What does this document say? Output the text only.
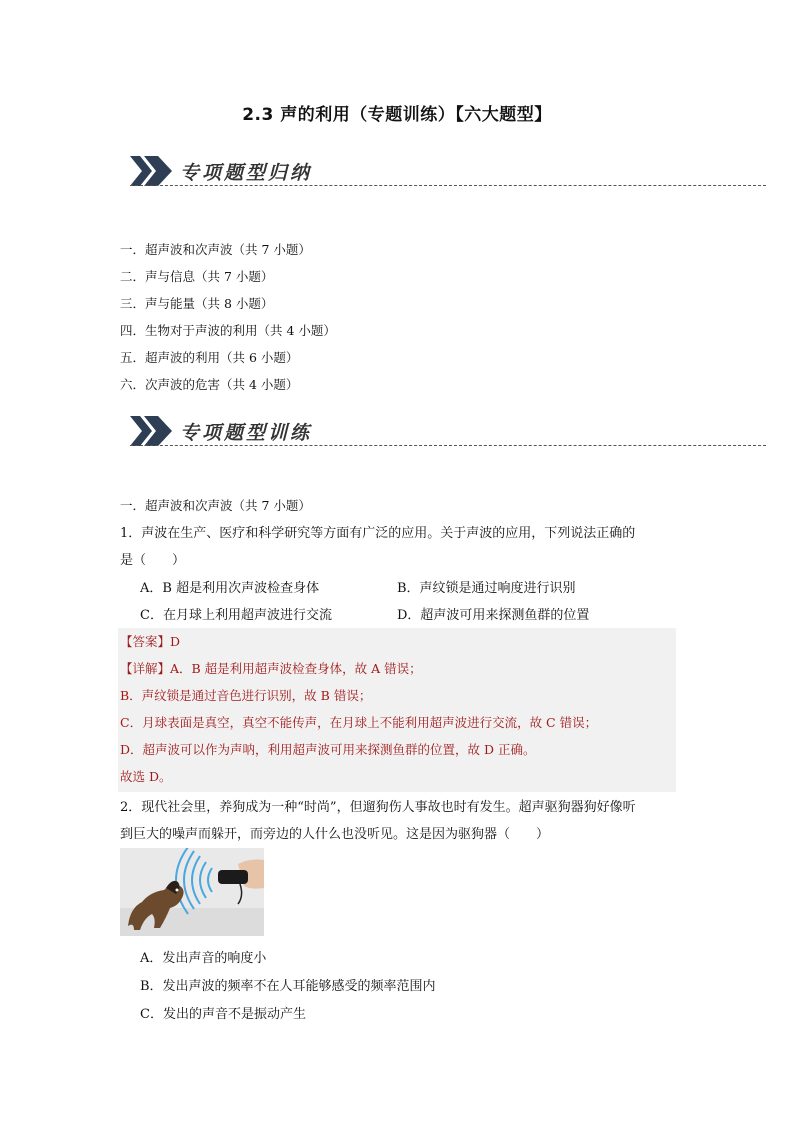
2.3 声的利用（专题训练）【六大题型】
专项题型归纳
一．超声波和次声波（共 7 小题）
二．声与信息（共 7 小题）
三．声与能量（共 8 小题）
四．生物对于声波的利用（共 4 小题）
五．超声波的利用（共 6 小题）
六．次声波的危害（共 4 小题）
专项题型训练
一．超声波和次声波（共 7 小题）
1．声波在生产、医疗和科学研究等方面有广泛的应用。关于声波的应用，下列说法正确的
是（　　）
A．B 超是利用次声波检查身体	B．声纹锁是通过响度进行识别
C．在月球上利用超声波进行交流	D．超声波可用来探测鱼群的位置
【答案】D
【详解】A．B 超是利用超声波检查身体，故 A 错误；
B．声纹锁是通过音色进行识别，故 B 错误；
C．月球表面是真空，真空不能传声，在月球上不能利用超声波进行交流，故 C 错误；
D．超声波可以作为声呐，利用超声波可用来探测鱼群的位置，故 D 正确。
故选 D。
2．现代社会里，养狗成为一种“时尚”，但遛狗伤人事故也时有发生。超声驱狗器狗好像听
到巨大的噪声而躲开，而旁边的人什么也没听见。这是因为驱狗器（　　）
A．发出声音的响度小
B．发出声波的频率不在人耳能够感受的频率范围内
C．发出的声音不是振动产生
